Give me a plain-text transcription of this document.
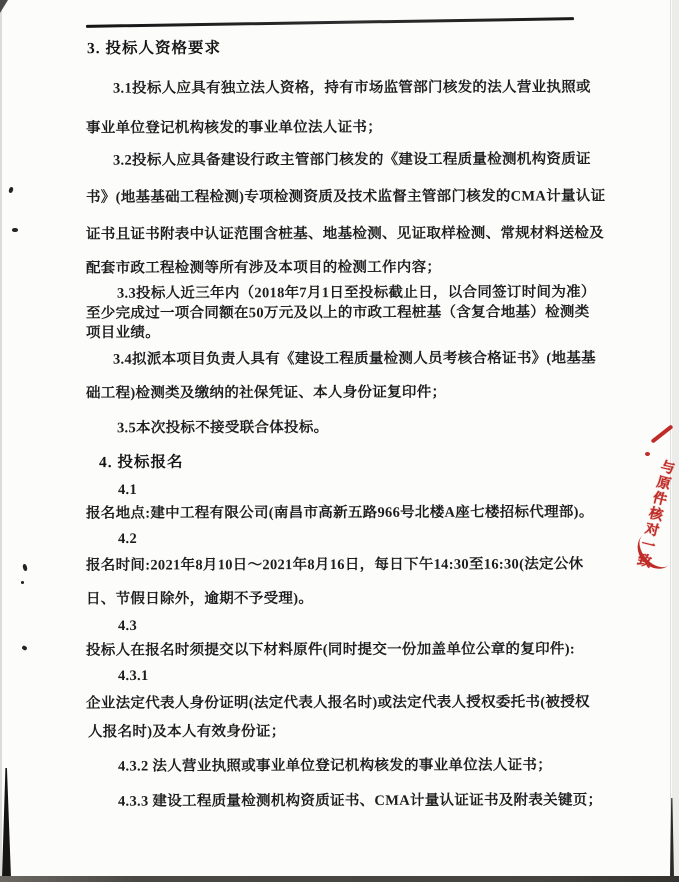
3. 投标人资格要求
3.1投标人应具有独立法人资格，持有市场监管部门核发的法人营业执照或
事业单位登记机构核发的事业单位法人证书；
3.2投标人应具备建设行政主管部门核发的《建设工程质量检测机构资质证
书》(地基基础工程检测)专项检测资质及技术监督主管部门核发的CMA计量认证
证书且证书附表中认证范围含桩基、地基检测、见证取样检测、常规材料送检及
配套市政工程检测等所有涉及本项目的检测工作内容；
3.3投标人近三年内（2018年7月1日至投标截止日，以合同签订时间为准）
至少完成过一项合同额在50万元及以上的市政工程桩基（含复合地基）检测类
项目业绩。
3.4拟派本项目负责人具有《建设工程质量检测人员考核合格证书》(地基基
础工程)检测类及缴纳的社保凭证、本人身份证复印件；
3.5本次投标不接受联合体投标。
4. 投标报名
4.1
报名地点:建中工程有限公司(南昌市高新五路966号北楼A座七楼招标代理部)。
4.2
报名时间:2021年8月10日～2021年8月16日，每日下午14:30至16:30(法定公休
日、节假日除外，逾期不予受理)。
4.3
投标人在报名时须提交以下材料原件(同时提交一份加盖单位公章的复印件):
4.3.1
企业法定代表人身份证明(法定代表人报名时)或法定代表人授权委托书(被授权
人报名时)及本人有效身份证；
4.3.2 法人营业执照或事业单位登记机构核发的事业单位法人证书；
4.3.3 建设工程质量检测机构资质证书、CMA计量认证证书及附表关键页；
与原件核对一致
